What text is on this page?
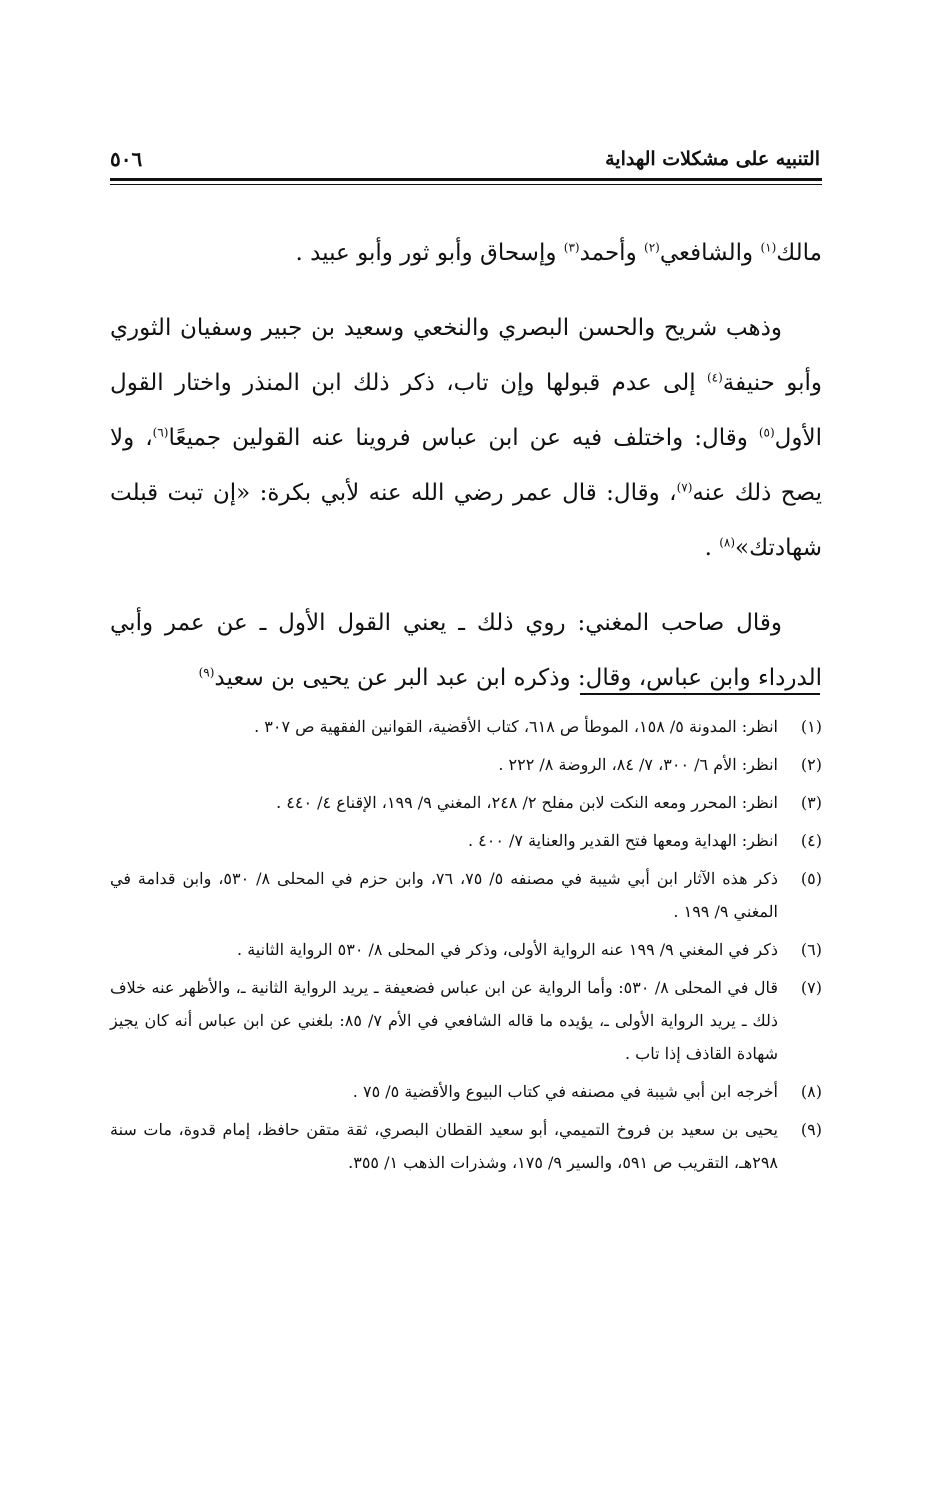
التنبيه على مشكلات الهداية
٥٠٦

مالك$^{(١)}$ والشافعي$^{(٢)}$ وأحمد$^{(٣)}$ وإسحاق وأبو ثور وأبو عبيد .

وذهب شريح والحسن البصري والنخعي وسعيد بن جبير وسفيان الثوري وأبو حنيفة$^{(٤)}$ إلى عدم قبولها وإن تاب، ذكر ذلك ابن المنذر واختار القول الأول$^{(٥)}$ وقال: واختلف فيه عن ابن عباس فروينا عنه القولين جميعًا$^{(٦)}$، ولا يصح ذلك عنه$^{(٧)}$، وقال: قال عمر رضي الله عنه لأبي بكرة: «إن تبت قبلت شهادتك»$^{(٨)}$ .

وقال صاحب المغني: روي ذلك ـ يعني القول الأول ـ عن عمر وأبي الدرداء وابن عباس، وقال: وذكره ابن عبد البر عن يحيى بن سعيد$^{(٩)}$

(١)
انظر: المدونة ٥/ ١٥٨، الموطأ ص ٦١٨، كتاب الأقضية، القوانين الفقهية ص ٣٠٧ .
(٢)
انظر: الأم ٦/ ٣٠٠، ٧/ ٨٤، الروضة ٨/ ٢٢٢ .
(٣)
انظر: المحرر ومعه النكت لابن مفلح ٢/ ٢٤٨، المغني ٩/ ١٩٩، الإقناع ٤/ ٤٤٠ .
(٤)
انظر: الهداية ومعها فتح القدير والعناية ٧/ ٤٠٠ .
(٥)
ذكر هذه الآثار ابن أبي شيبة في مصنفه ٥/ ٧٥، ٧٦، وابن حزم في المحلى ٨/ ٥٣٠، وابن قدامة في المغني ٩/ ١٩٩ .
(٦)
ذكر في المغني ٩/ ١٩٩ عنه الرواية الأولى، وذكر في المحلى ٨/ ٥٣٠ الرواية الثانية .
(٧)
قال في المحلى ٨/ ٥٣٠: وأما الرواية عن ابن عباس فضعيفة ـ يريد الرواية الثانية ـ، والأظهر عنه خلاف ذلك ـ يريد الرواية الأولى ـ، يؤيده ما قاله الشافعي في الأم ٧/ ٨٥: بلغني عن ابن عباس أنه كان يجيز شهادة القاذف إذا تاب .
(٨)
أخرجه ابن أبي شيبة في مصنفه في كتاب البيوع والأقضية ٥/ ٧٥ .
(٩)
يحيى بن سعيد بن فروخ التميمي، أبو سعيد القطان البصري، ثقة متقن حافظ، إمام قدوة، مات سنة ٢٩٨هـ، التقريب ص ٥٩١، والسير ٩/ ١٧٥، وشذرات الذهب ١/ ٣٥٥.
